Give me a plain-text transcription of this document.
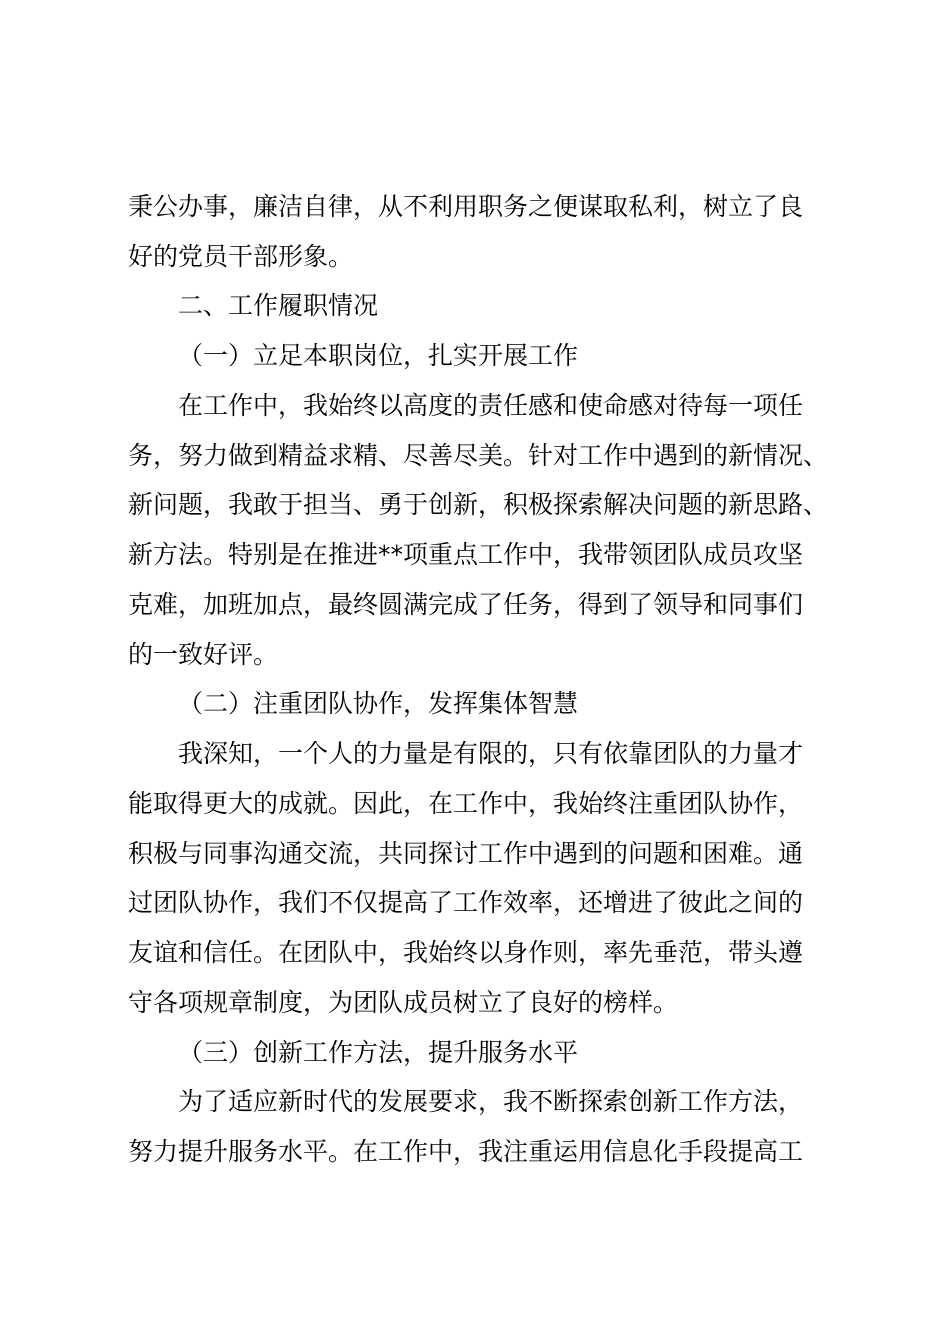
秉公办事，廉洁自律，从不利用职务之便谋取私利，树立了良
好的党员干部形象。
二、工作履职情况
（一）立足本职岗位，扎实开展工作
在工作中，我始终以高度的责任感和使命感对待每一项任
务，努力做到精益求精、尽善尽美。针对工作中遇到的新情况、
新问题，我敢于担当、勇于创新，积极探索解决问题的新思路、
新方法。特别是在推进**项重点工作中，我带领团队成员攻坚
克难，加班加点，最终圆满完成了任务，得到了领导和同事们
的一致好评。
（二）注重团队协作，发挥集体智慧
我深知，一个人的力量是有限的，只有依靠团队的力量才
能取得更大的成就。因此，在工作中，我始终注重团队协作，
积极与同事沟通交流，共同探讨工作中遇到的问题和困难。通
过团队协作，我们不仅提高了工作效率，还增进了彼此之间的
友谊和信任。在团队中，我始终以身作则，率先垂范，带头遵
守各项规章制度，为团队成员树立了良好的榜样。
（三）创新工作方法，提升服务水平
为了适应新时代的发展要求，我不断探索创新工作方法，
努力提升服务水平。在工作中，我注重运用信息化手段提高工
